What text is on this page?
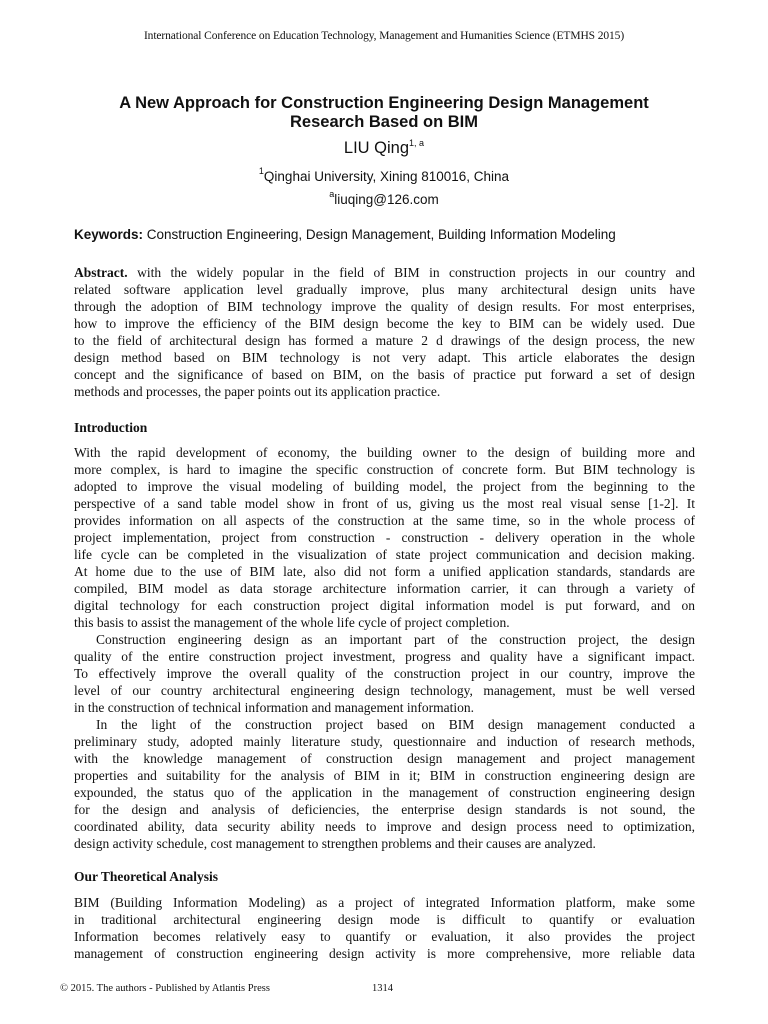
International Conference on Education Technology, Management and Humanities Science (ETMHS 2015)
A New Approach for Construction Engineering Design Management
Research Based on BIM
LIU Qing$^{1, a}$
$^1$Qinghai University, Xining 810016, China
$^a$liuqing@126.com
Keywords: Construction Engineering, Design Management, Building Information Modeling
Abstract. with the widely popular in the field of BIM in construction projects in our country and
related software application level gradually improve, plus many architectural design units have
through the adoption of BIM technology improve the quality of design results. For most enterprises,
how to improve the efficiency of the BIM design become the key to BIM can be widely used. Due
to the field of architectural design has formed a mature 2 d drawings of the design process, the new
design method based on BIM technology is not very adapt. This article elaborates the design
concept and the significance of based on BIM, on the basis of practice put forward a set of design
methods and processes, the paper points out its application practice.
Introduction
With the rapid development of economy, the building owner to the design of building more and
more complex, is hard to imagine the specific construction of concrete form. But BIM technology is
adopted to improve the visual modeling of building model, the project from the beginning to the
perspective of a sand table model show in front of us, giving us the most real visual sense [1-2]. It
provides information on all aspects of the construction at the same time, so in the whole process of
project implementation, project from construction - construction - delivery operation in the whole
life cycle can be completed in the visualization of state project communication and decision making.
At home due to the use of BIM late, also did not form a unified application standards, standards are
compiled, BIM model as data storage architecture information carrier, it can through a variety of
digital technology for each construction project digital information model is put forward, and on
this basis to assist the management of the whole life cycle of project completion.
Construction engineering design as an important part of the construction project, the design
quality of the entire construction project investment, progress and quality have a significant impact.
To effectively improve the overall quality of the construction project in our country, improve the
level of our country architectural engineering design technology, management, must be well versed
in the construction of technical information and management information.
In the light of the construction project based on BIM design management conducted a
preliminary study, adopted mainly literature study, questionnaire and induction of research methods,
with the knowledge management of construction design management and project management
properties and suitability for the analysis of BIM in it; BIM in construction engineering design are
expounded, the status quo of the application in the management of construction engineering design
for the design and analysis of deficiencies, the enterprise design standards is not sound, the
coordinated ability, data security ability needs to improve and design process need to optimization,
design activity schedule, cost management to strengthen problems and their causes are analyzed.
Our Theoretical Analysis
BIM (Building Information Modeling) as a project of integrated Information platform, make some
in traditional architectural engineering design mode is difficult to quantify or evaluation
Information becomes relatively easy to quantify or evaluation, it also provides the project
management of construction engineering design activity is more comprehensive, more reliable data
© 2015. The authors - Published by Atlantis Press	1314
